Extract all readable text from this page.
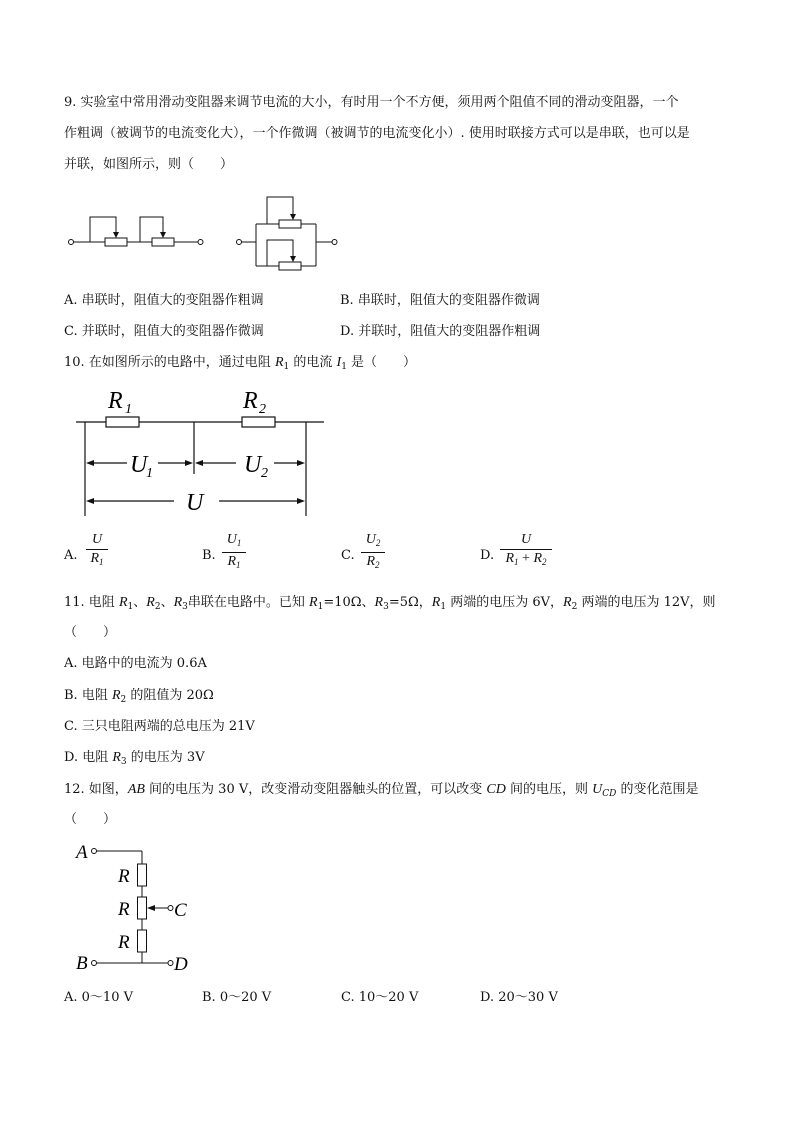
9. 实验室中常用滑动变阻器来调节电流的大小，有时用一个不方便，须用两个阻值不同的滑动变阻器，一个
作粗调（被调节的电流变化大），一个作微调（被调节的电流变化小）. 使用时联接方式可以是串联，也可以是
并联，如图所示，则（　　）
A. 串联时，阻值大的变阻器作粗调	B. 串联时，阻值大的变阻器作微调
C. 并联时，阻值大的变阻器作微调	D. 并联时，阻值大的变阻器作粗调
10. 在如图所示的电路中，通过电阻 $R_1$ 的电流 $I_1$ 是（　　）
R 1	R 2
U
1	U 2
U
A.
U
$R_1$	B.
$U_1$
$R_1$
C.
$U_2$
$R_2$
D.
U
$R_1 + R_2$
11. 电阻 $R_1$、$R_2$、$R_3$串联在电路中。已知 $R_1=10\Omega$、$R_3=5\Omega$，$R_1$ 两端的电压为 6V，$R_2$ 两端的电压为 12V，则
（　　）
A. 电路中的电流为 0.6A
B. 电阻 $R_2$ 的阻值为 20Ω
C. 三只电阻两端的总电压为 21V
D. 电阻 $R_3$ 的电压为 3V
12. 如图，AB 间的电压为 30 V，改变滑动变阻器触头的位置，可以改变 CD 间的电压，则 $U_{CD}$ 的变化范围是
（　　）
A
R
R C
R
B	D
A. 0～10 V	B. 0～20 V	C. 10～20 V	D. 20～30 V
